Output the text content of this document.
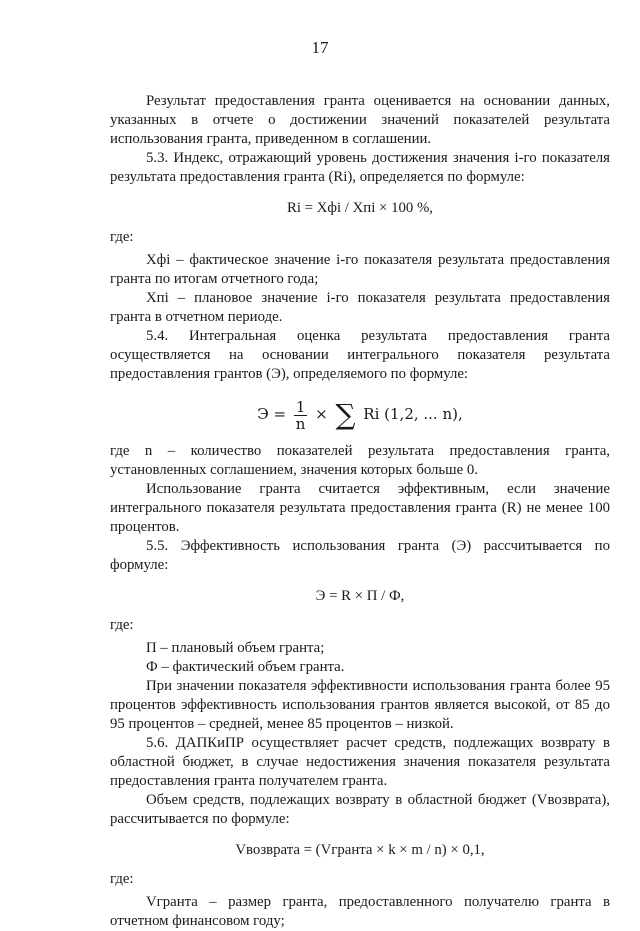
17

Результат предоставления гранта оценивается на основании данных, указанных в отчете о достижении значений показателей результата использования гранта, приведенном в соглашении.

5.3. Индекс, отражающий уровень достижения значения i-го показателя результата предоставления гранта (Ri), определяется по формуле:

Ri = Xфi / Xпi × 100 %,

где:

Xфi – фактическое значение i-го показателя результата предоставления гранта по итогам отчетного года;

Xпi – плановое значение i-го показателя результата предоставления гранта в отчетном периоде.

5.4. Интегральная оценка результата предоставления гранта осуществляется на основании интегрального показателя результата предоставления грантов (Э), определяемого по формуле:

$Э = \frac{1}{n}$ × ∑ Ri (1,2, ... n),

где n – количество показателей результата предоставления гранта, установленных соглашением, значения которых больше 0.

Использование гранта считается эффективным, если значение интегрального показателя результата предоставления гранта (R) не менее 100 процентов.

5.5. Эффективность использования гранта (Э) рассчитывается по формуле:

Э = R × П / Ф,

где:

П – плановый объем гранта;

Ф – фактический объем гранта.

При значении показателя эффективности использования гранта более 95 процентов эффективность использования грантов является высокой, от 85 до 95 процентов – средней, менее 85 процентов – низкой.

5.6. ДАПКиПР осуществляет расчет средств, подлежащих возврату в областной бюджет, в случае недостижения значения показателя результата предоставления гранта получателем гранта.

Объем средств, подлежащих возврату в областной бюджет (Vвозврата), рассчитывается по формуле:

Vвозврата = (Vгранта × k × m / n) × 0,1,

где:

Vгранта – размер гранта, предоставленного получателю гранта в отчетном финансовом году;
